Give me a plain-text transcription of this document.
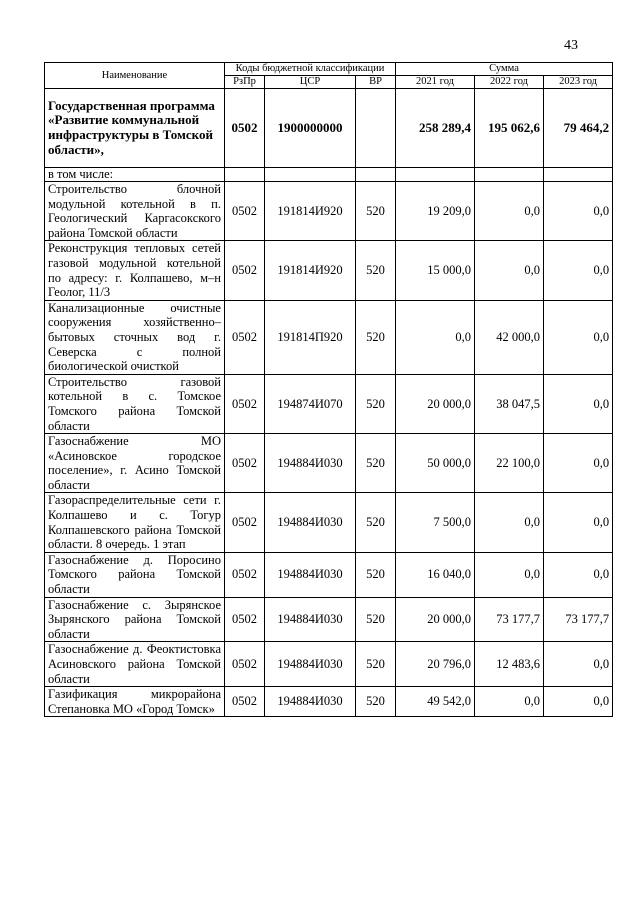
43
Наименование	Коды бюджетной классификации			Сумма		
	РзПр	ЦСР	ВР	2021 год	2022 год	2023 год
Государственная программа «Развитие коммунальной инфраструктуры в Томской области»,	0502	1900000000		258 289,4	195 062,6	79 464,2
в том числе:						
Строительство блочной модульной котельной в п. Геологический Каргасокского района Томской области	0502	191814И920	520	19 209,0	0,0	0,0
Реконструкция тепловых сетей газовой модульной котельной по адресу: г. Колпашево, м–н Геолог, 11/3	0502	191814И920	520	15 000,0	0,0	0,0
Канализационные очистные сооружения хозяйственно–бытовых сточных вод г. Северска с полной биологической очисткой	0502	191814П920	520	0,0	42 000,0	0,0
Строительство газовой котельной в с. Томское Томского района Томской области	0502	194874И070	520	20 000,0	38 047,5	0,0
Газоснабжение МО «Асиновское городское поселение», г. Асино Томской области	0502	194884И030	520	50 000,0	22 100,0	0,0
Газораспределительные сети г. Колпашево и с. Тогур Колпашевского района Томской области. 8 очередь. 1 этап	0502	194884И030	520	7 500,0	0,0	0,0
Газоснабжение д. Поросино Томского района Томской области	0502	194884И030	520	16 040,0	0,0	0,0
Газоснабжение с. Зырянское Зырянского района Томской области	0502	194884И030	520	20 000,0	73 177,7	73 177,7
Газоснабжение д. Феоктистовка Асиновского района Томской области	0502	194884И030	520	20 796,0	12 483,6	0,0
Газификация микрорайона Степановка МО «Город Томск»	0502	194884И030	520	49 542,0	0,0	0,0
